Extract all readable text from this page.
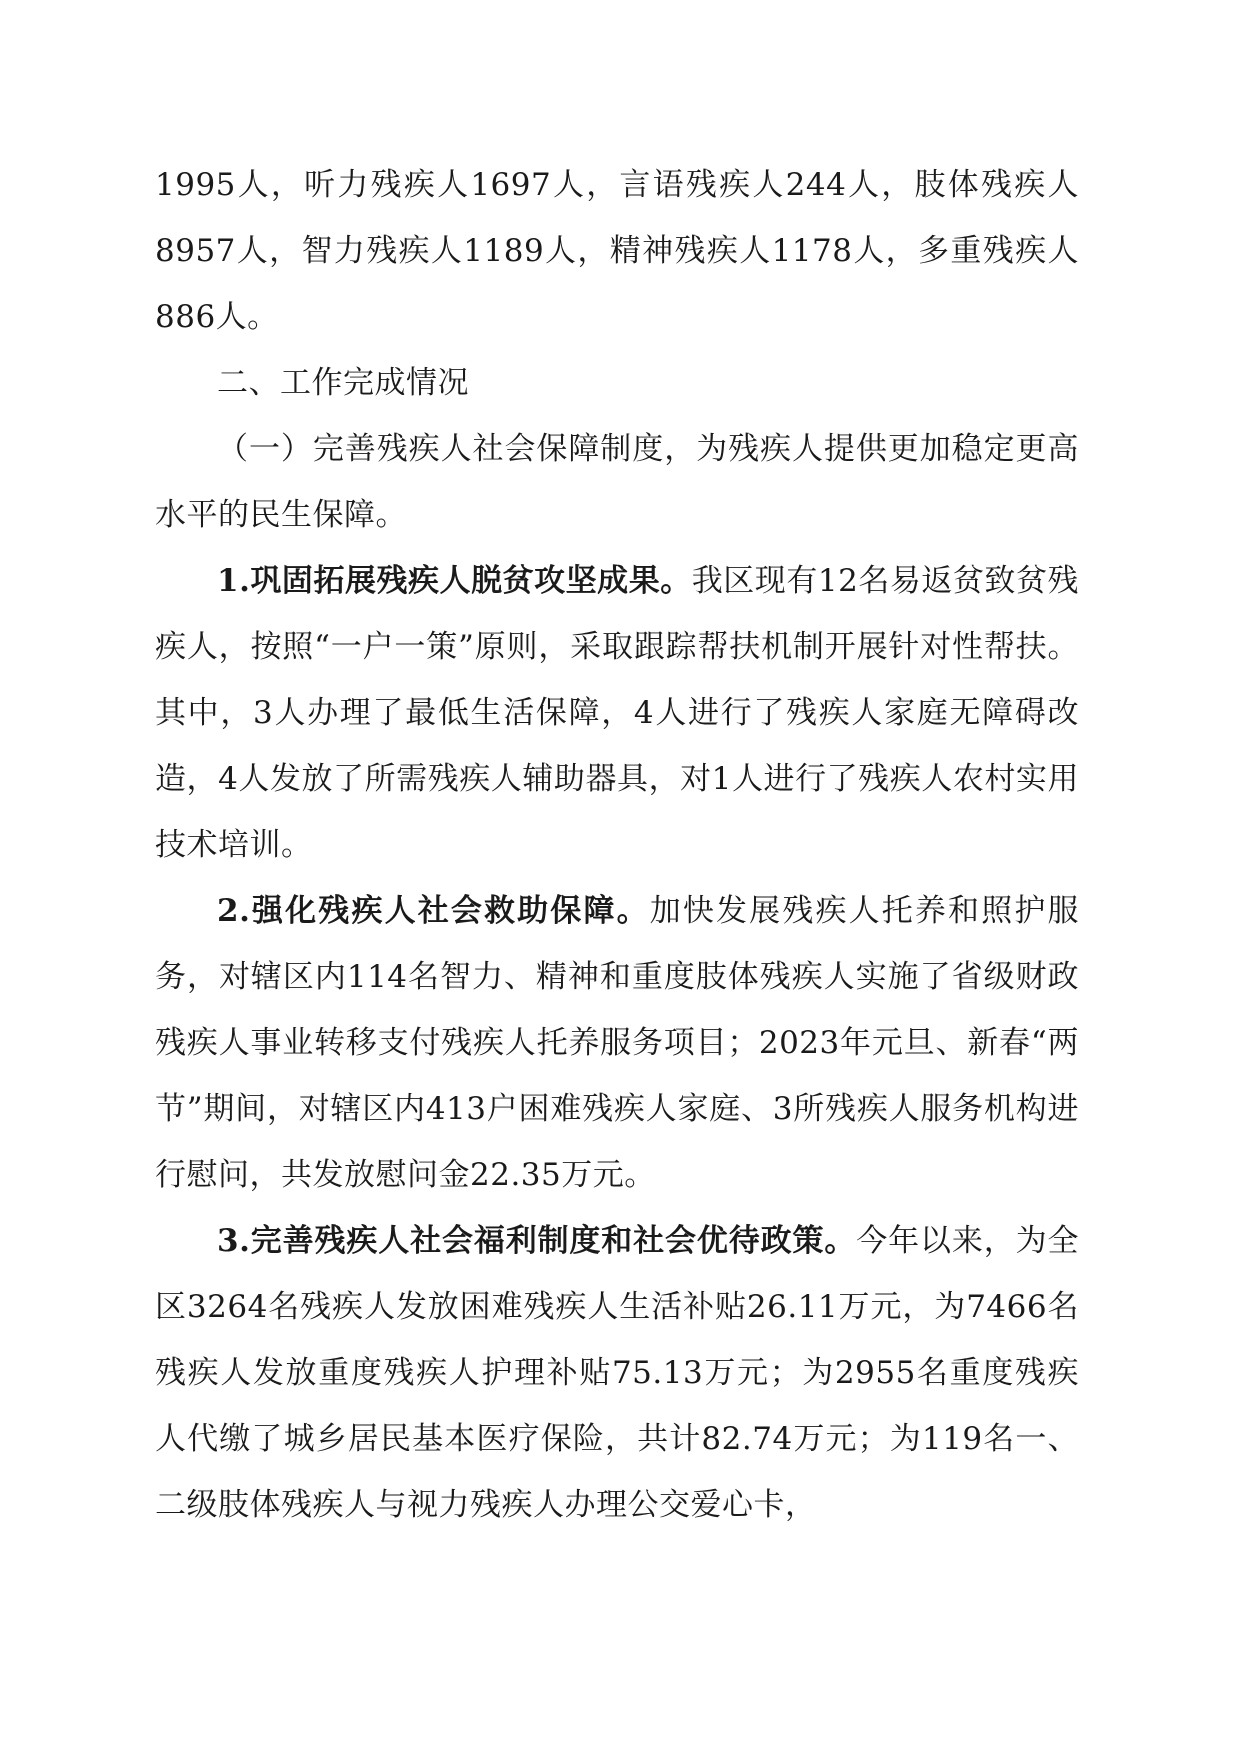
1995人，听力残疾人1697人，言语残疾人244人，肢体残疾人8957人，智力残疾人1189人，精神残疾人1178人，多重残疾人886人。

二、工作完成情况

（一）完善残疾人社会保障制度，为残疾人提供更加稳定更高水平的民生保障。

1.巩固拓展残疾人脱贫攻坚成果。我区现有12名易返贫致贫残疾人，按照“一户一策”原则，采取跟踪帮扶机制开展针对性帮扶。其中，3人办理了最低生活保障，4人进行了残疾人家庭无障碍改造，4人发放了所需残疾人辅助器具，对1人进行了残疾人农村实用技术培训。

2.强化残疾人社会救助保障。加快发展残疾人托养和照护服务，对辖区内114名智力、精神和重度肢体残疾人实施了省级财政残疾人事业转移支付残疾人托养服务项目；2023年元旦、新春“两节”期间，对辖区内413户困难残疾人家庭、3所残疾人服务机构进行慰问，共发放慰问金22.35万元。

3.完善残疾人社会福利制度和社会优待政策。今年以来，为全区3264名残疾人发放困难残疾人生活补贴26.11万元，为7466名残疾人发放重度残疾人护理补贴75.13万元；为2955名重度残疾人代缴了城乡居民基本医疗保险，共计82.74万元；为119名一、二级肢体残疾人与视力残疾人办理公交爱心卡，
